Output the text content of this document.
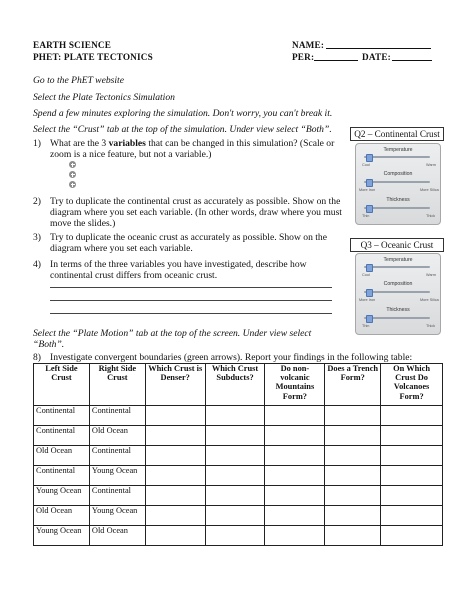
EARTH SCIENCE
PHET: PLATE TECTONICS
NAME:
PER:	DATE:
Go to the PhET website
Select the Plate Tectonics Simulation
Spend a few minutes exploring the simulation. Don't worry, you can't break it.
Select the “Crust” tab at the top of the simulation. Under view select “Both”.
1) What are the 3 variables that can be changed in this simulation? (Scale or zoom is a nice feature, but not a variable.)
2) Try to duplicate the continental crust as accurately as possible. Show on the diagram where you set each variable. (In other words, draw where you must move the slides.)
3) Try to duplicate the oceanic crust as accurately as possible. Show on the diagram where you set each variable.
4) In terms of the three variables you have investigated, describe how continental crust differs from oceanic crust.
Select the “Plate Motion” tab at the top of the screen. Under view select “Both”.
8) Investigate convergent boundaries (green arrows). Report your findings in the following table:
Q2 – Continental Crust
Temperature
Cool	Warm
Composition
More Iron	More Silica
Thickness
Thin	Thick
Q3 – Oceanic Crust
Temperature
Cool	Warm
Composition
More Iron	More Silica
Thickness
Thin	Thick
Left Side Crust	Right Side Crust	Which Crust is Denser?	Which Crust Subducts?	Do non-volcanic Mountains Form?	Does a Trench Form?	On Which Crust Do Volcanoes Form?
Continental	Continental					
Continental	Old Ocean					
Old Ocean	Continental					
Continental	Young Ocean					
Young Ocean	Continental					
Old Ocean	Young Ocean					
Young Ocean	Old Ocean					
